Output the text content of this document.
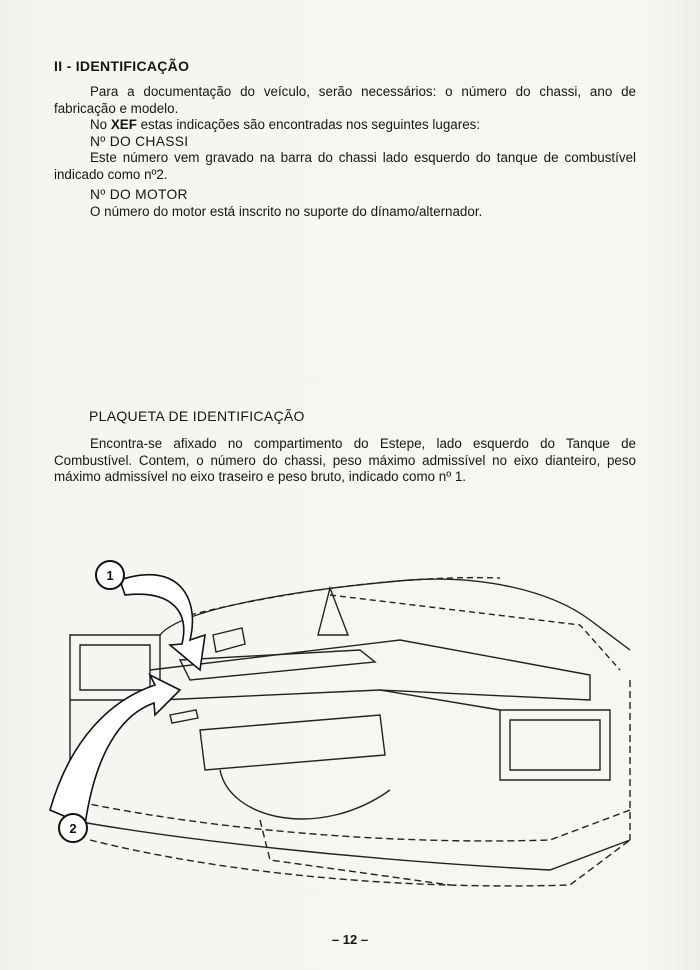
II - IDENTIFICAÇÃO
Para a documentação do veículo, serão necessários: o número do chassi, ano de fabricação e modelo.
No XEF estas indicações são encontradas nos seguintes lugares:
Nº DO CHASSI
Este número vem gravado na barra do chassi lado esquerdo do tanque de combustível indicado como nº2.
Nº DO MOTOR
O número do motor está inscrito no suporte do dínamo/alternador.
PLAQUETA DE IDENTIFICAÇÃO
Encontra-se afixado no compartimento do Estepe, lado esquerdo do Tanque de Combustível. Contem, o número do chassi, peso máximo admissível no eixo dianteiro, peso máximo admissível no eixo traseiro e peso bruto, indicado como nº 1.
1
2
– 12 –
